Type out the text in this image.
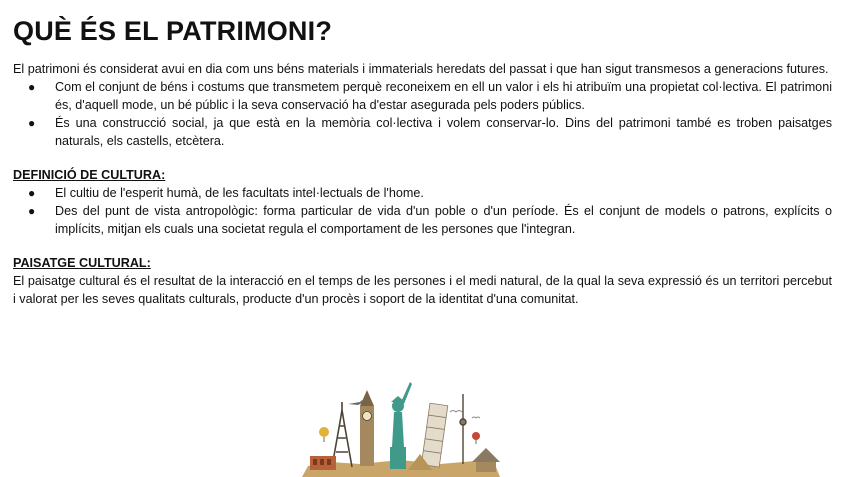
QUÈ ÉS EL PATRIMONI?

El patrimoni és considerat avui en dia com uns béns materials i immaterials heredats del passat i que han sigut transmesos a generacions futures.

● Com el conjunt de béns i costums que transmetem perquè reconeixem en ell un valor i els hi atribuïm una propietat col·lectiva. El patrimoni és, d'aquell mode, un bé públic i la seva conservació ha d'estar asegurada pels poders públics.
● És una construcció social, ja que està en la memòria col·lectiva i volem conservar-lo. Dins del patrimoni també es troben paisatges naturals, els castells, etcètera.
DEFINICIÓ DE CULTURA:
● El cultiu de l'esperit humà, de les facultats intel·lectuals de l'home.
● Des del punt de vista antropològic: forma particular de vida d'un poble o d'un període. És el conjunt de models o patrons, explícits o implícits, mitjan els cuals una societat regula el comportament de les persones que l'integran.
PAISATGE CULTURAL:

El paisatge cultural és el resultat de la interacció en el temps de les persones i el medi natural, de la qual la seva expressió és un territori percebut i valorat per les seves qualitats culturals, producte d'un procès i soport de la identitat d'una comunitat.
